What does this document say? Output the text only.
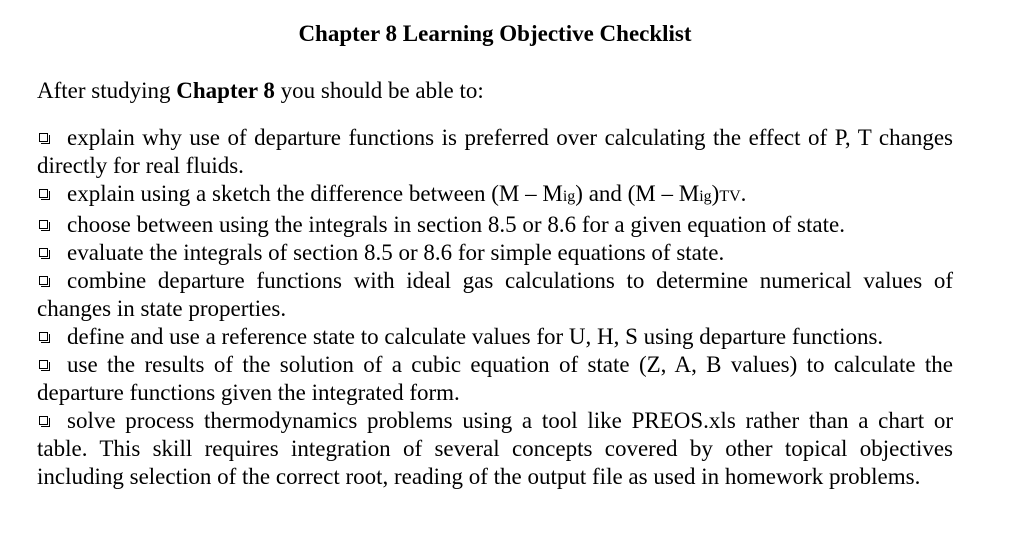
Chapter 8 Learning Objective Checklist

After studying Chapter 8 you should be able to:

explain why use of departure functions is preferred over calculating the effect of P, T changes directly for real fluids.
explain using a sketch the difference between (M – Mig) and (M – Mig)TV.
choose between using the integrals in section 8.5 or 8.6 for a given equation of state.
evaluate the integrals of section 8.5 or 8.6 for simple equations of state.
combine departure functions with ideal gas calculations to determine numerical values of changes in state properties.
define and use a reference state to calculate values for U, H, S using departure functions.
use the results of the solution of a cubic equation of state (Z, A, B values) to calculate the departure functions given the integrated form.
solve process thermodynamics problems using a tool like PREOS.xls rather than a chart or table. This skill requires integration of several concepts covered by other topical objectives including selection of the correct root, reading of the output file as used in homework problems.
